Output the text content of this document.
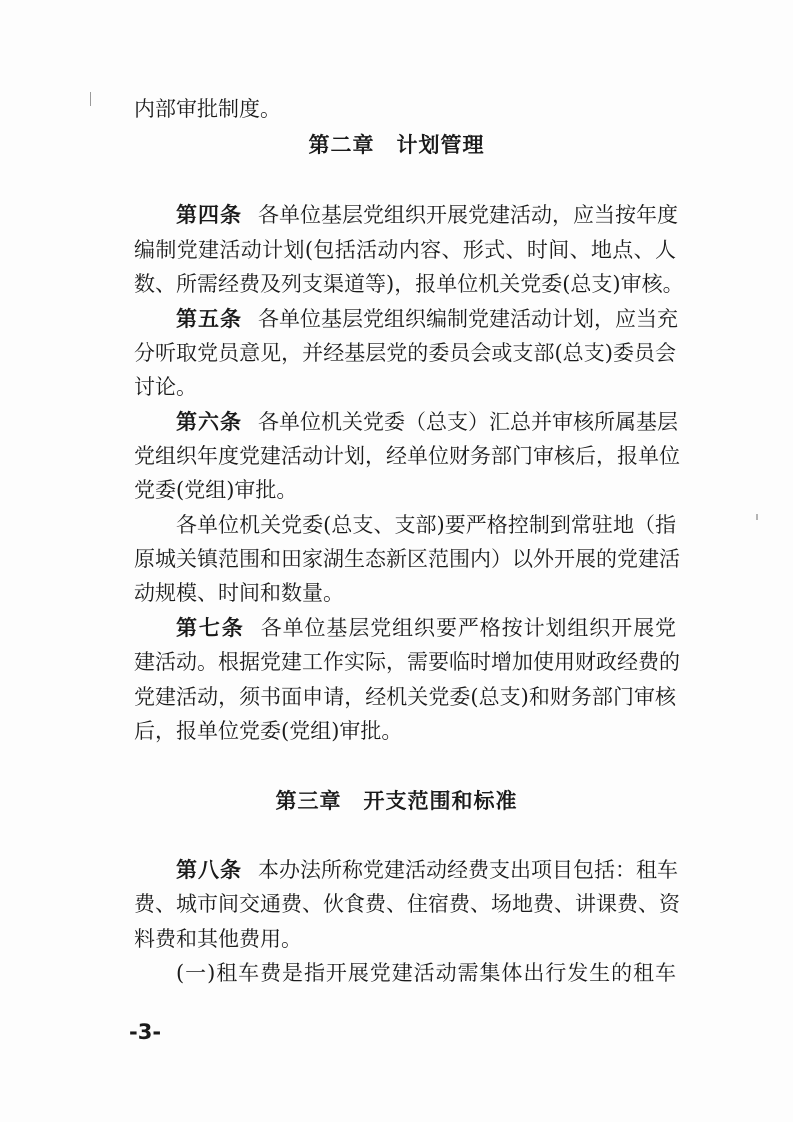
内部审批制度。
第二章　计划管理
第四条 各单位基层党组织开展党建活动，应当按年度
编制党建活动计划(包括活动内容、形式、时间、地点、人
数、所需经费及列支渠道等)，报单位机关党委(总支)审核。
第五条 各单位基层党组织编制党建活动计划，应当充
分听取党员意见，并经基层党的委员会或支部(总支)委员会
讨论。
第六条 各单位机关党委（总支）汇总并审核所属基层
党组织年度党建活动计划，经单位财务部门审核后，报单位
党委(党组)审批。
各单位机关党委(总支、支部)要严格控制到常驻地（指
原城关镇范围和田家湖生态新区范围内）以外开展的党建活
动规模、时间和数量。
第七条 各单位基层党组织要严格按计划组织开展党
建活动。根据党建工作实际，需要临时增加使用财政经费的
党建活动，须书面申请，经机关党委(总支)和财务部门审核
后，报单位党委(党组)审批。
第三章　开支范围和标准
第八条 本办法所称党建活动经费支出项目包括：租车
费、城市间交通费、伙食费、住宿费、场地费、讲课费、资
料费和其他费用。
(一)租车费是指开展党建活动需集体出行发生的租车
-3-
